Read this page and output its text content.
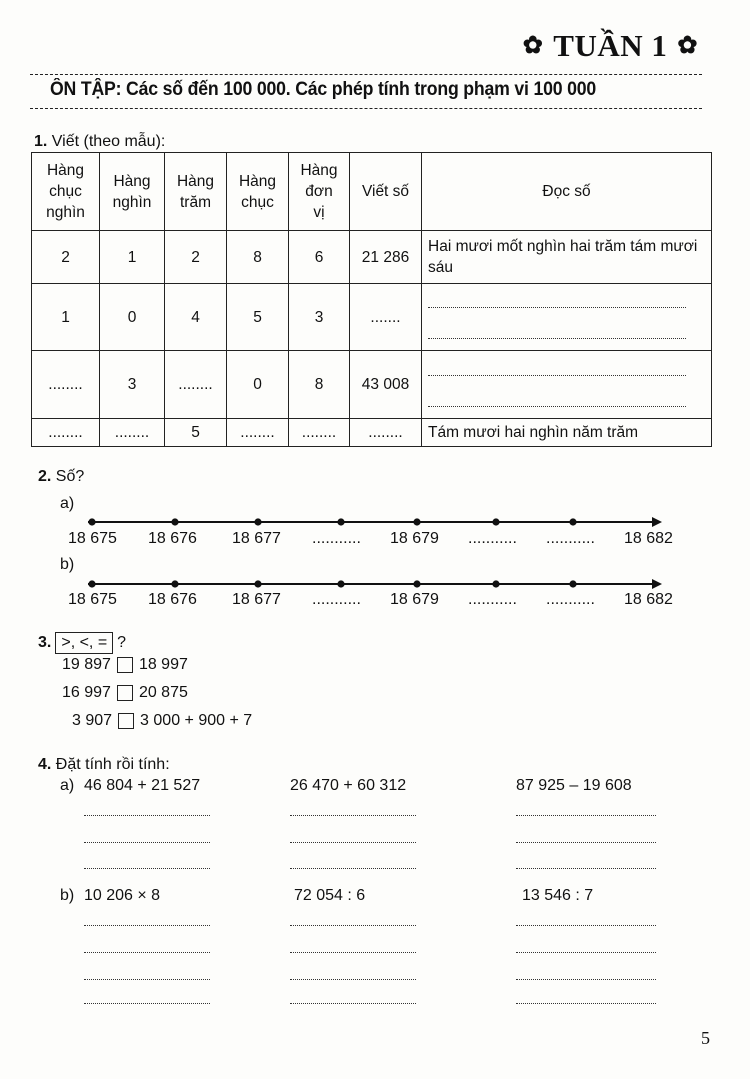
✿ TUẦN 1 ✿
ÔN TẬP: Các số đến 100 000. Các phép tính trong phạm vi 100 000
1. Viết (theo mẫu):
Hàng
chục
nghìn	Hàng
nghìn	Hàng
trăm	Hàng
chục	Hàng
đơn
vị	Viết số	Đọc số
2	1	2	8	6	21 286	Hai mươi mốt nghìn hai trăm tám mươi sáu
1	0	4	5	3	.......	

........	3	........	0	8	43 008	

........	........	5	........	........	........	Tám mươi hai nghìn năm trăm
2. Số?
a)
18 675 18 676 18 677 ........... 18 679 ........... ........... 18 682
b)
18 675 18 676 18 677 ........... 18 679 ........... ........... 18 682
3. >, <, = ?
19 897 18 997
16 997 20 875
3 907 3 000 + 900 + 7
4. Đặt tính rồi tính:
a) 46 804 + 21 527	26 470 + 60 312	87 925 – 19 608
b) 10 206 × 8	72 054 : 6	13 546 : 7
5
